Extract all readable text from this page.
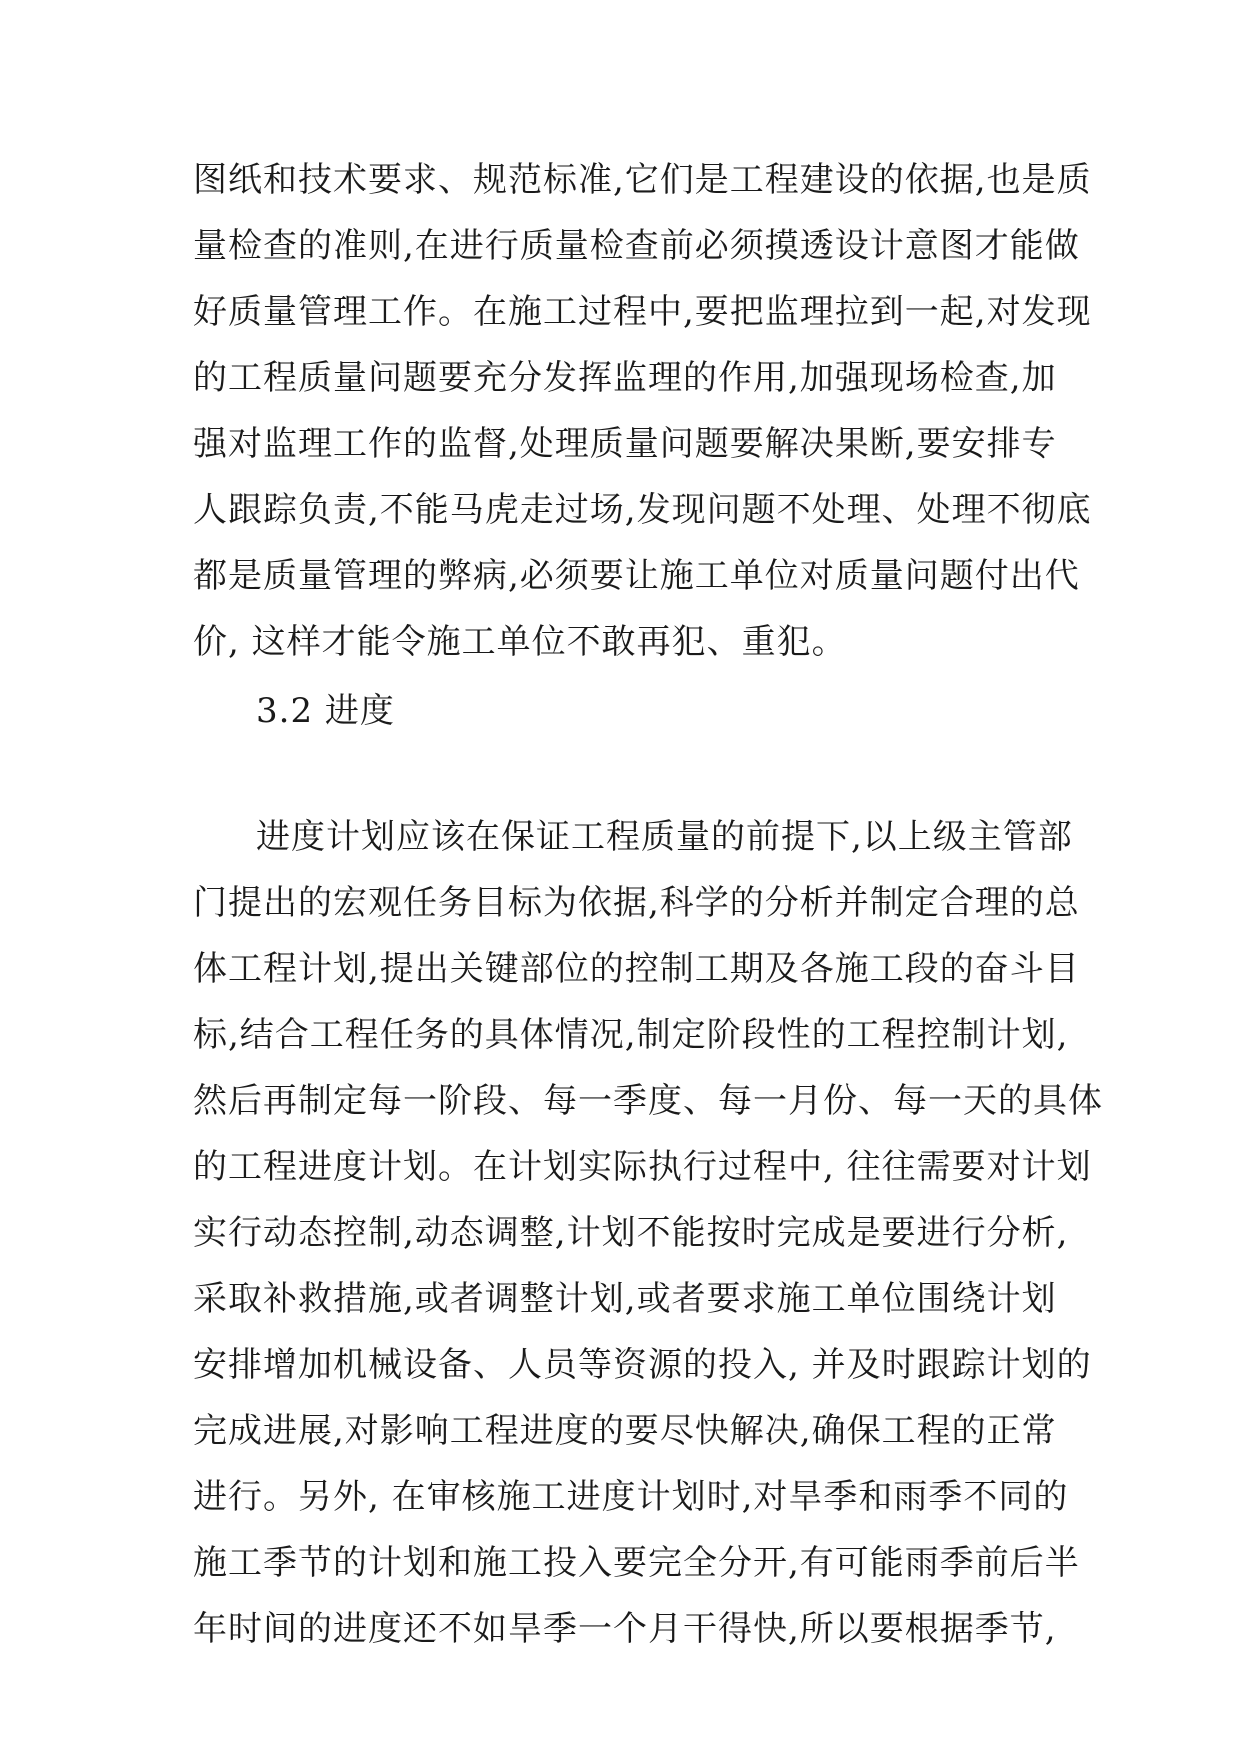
图纸和技术要求、规范标准,它们是工程建设的依据,也是质
量检查的准则,在进行质量检查前必须摸透设计意图才能做
好质量管理工作。在施工过程中,要把监理拉到一起,对发现
的工程质量问题要充分发挥监理的作用,加强现场检查,加
强对监理工作的监督,处理质量问题要解决果断,要安排专
人跟踪负责,不能马虎走过场,发现问题不处理、处理不彻底
都是质量管理的弊病,必须要让施工单位对质量问题付出代
价, 这样才能令施工单位不敢再犯、重犯。
3.2 进度
进度计划应该在保证工程质量的前提下,以上级主管部
门提出的宏观任务目标为依据,科学的分析并制定合理的总
体工程计划,提出关键部位的控制工期及各施工段的奋斗目
标,结合工程任务的具体情况,制定阶段性的工程控制计划,
然后再制定每一阶段、每一季度、每一月份、每一天的具体
的工程进度计划。在计划实际执行过程中, 往往需要对计划
实行动态控制,动态调整,计划不能按时完成是要进行分析,
采取补救措施,或者调整计划,或者要求施工单位围绕计划
安排增加机械设备、人员等资源的投入, 并及时跟踪计划的
完成进展,对影响工程进度的要尽快解决,确保工程的正常
进行。另外, 在审核施工进度计划时,对旱季和雨季不同的
施工季节的计划和施工投入要完全分开,有可能雨季前后半
年时间的进度还不如旱季一个月干得快,所以要根据季节,
